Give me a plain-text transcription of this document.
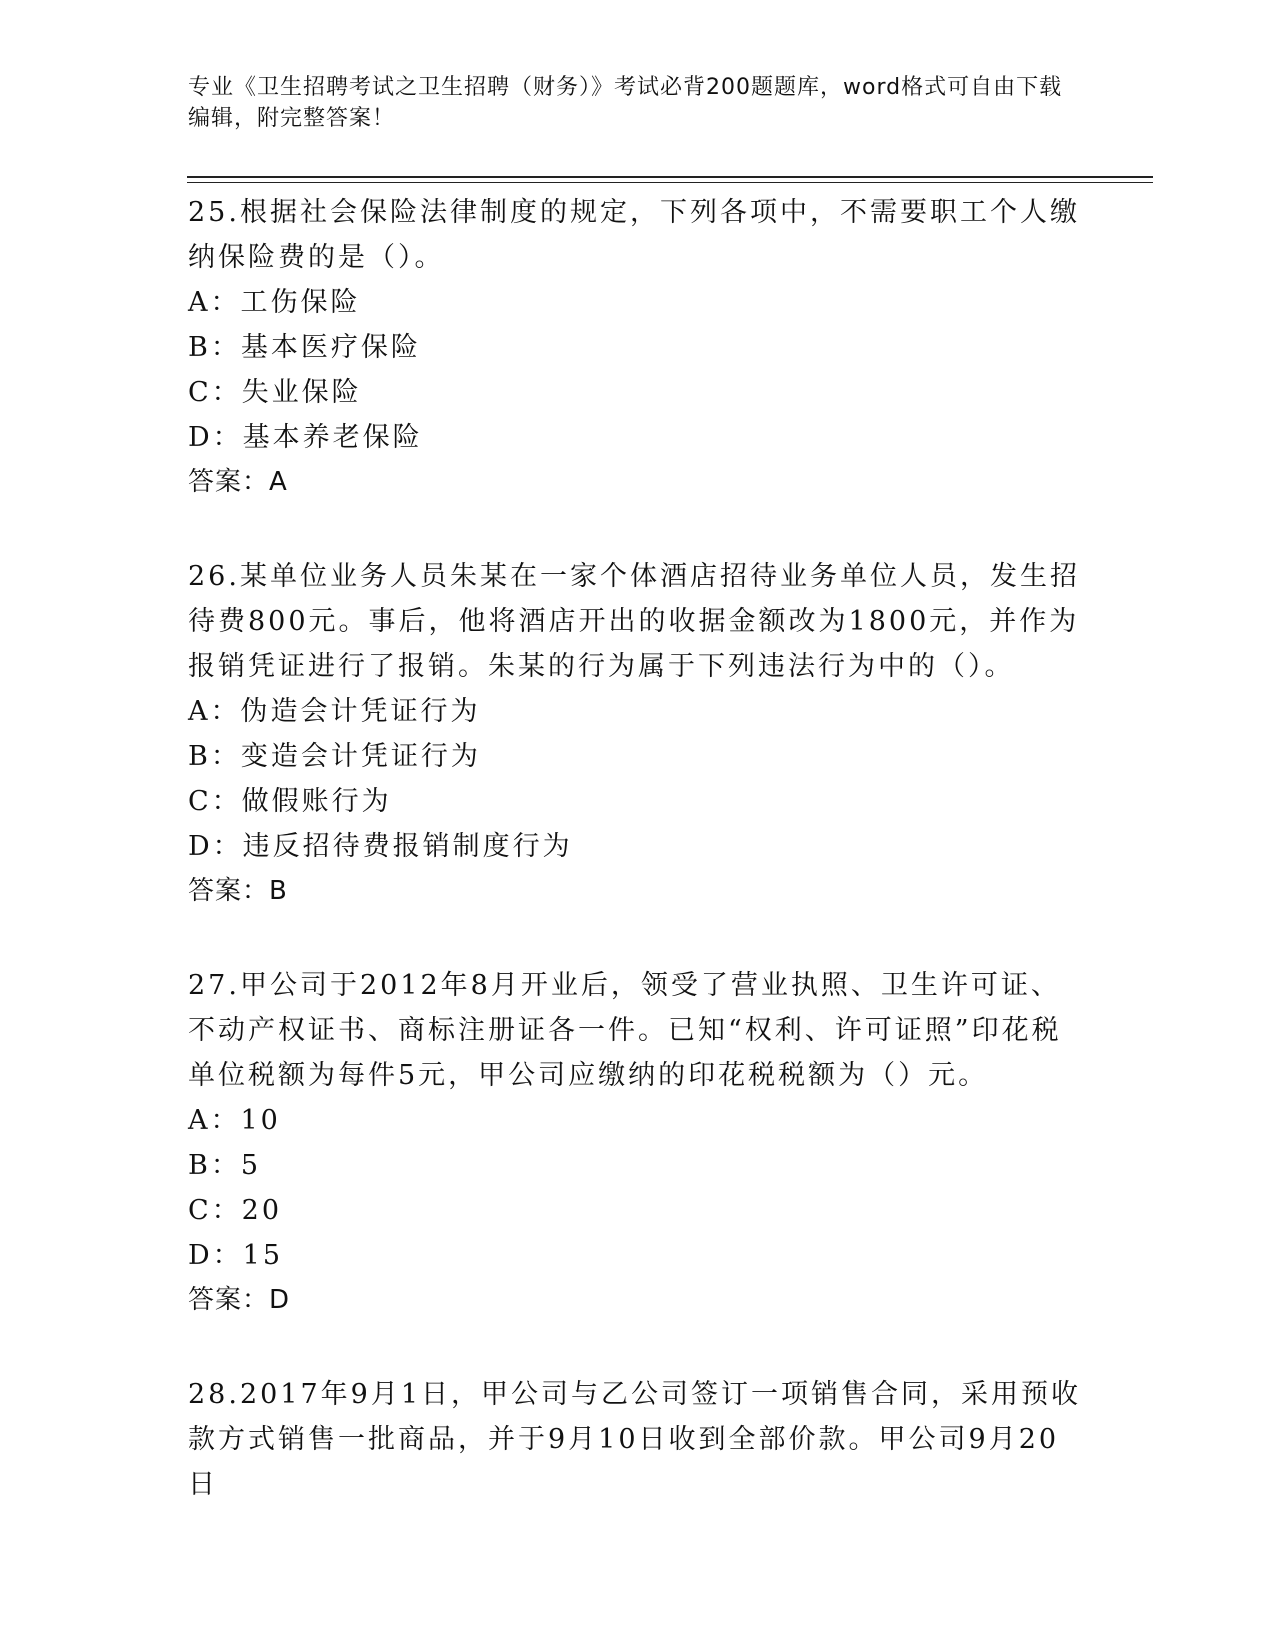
专业《卫生招聘考试之卫生招聘（财务）》考试必背200题题库，word格式可自由下载编辑，附完整答案！

25.根据社会保险法律制度的规定，下列各项中，不需要职工个人缴纳保险费的是（）。

A：工伤保险

B：基本医疗保险

C：失业保险

D：基本养老保险

答案：A

26.某单位业务人员朱某在一家个体酒店招待业务单位人员，发生招待费800元。事后，他将酒店开出的收据金额改为1800元，并作为报销凭证进行了报销。朱某的行为属于下列违法行为中的（）。

A：伪造会计凭证行为

B：变造会计凭证行为

C：做假账行为

D：违反招待费报销制度行为

答案：B

27.甲公司于2012年8月开业后，领受了营业执照、卫生许可证、不动产权证书、商标注册证各一件。已知“权利、许可证照”印花税单位税额为每件5元，甲公司应缴纳的印花税税额为（）元。

A：10

B：5

C：20

D：15

答案：D

28.2017年9月1日，甲公司与乙公司签订一项销售合同，采用预收款方式销售一批商品，并于9月10日收到全部价款。甲公司9月20日
